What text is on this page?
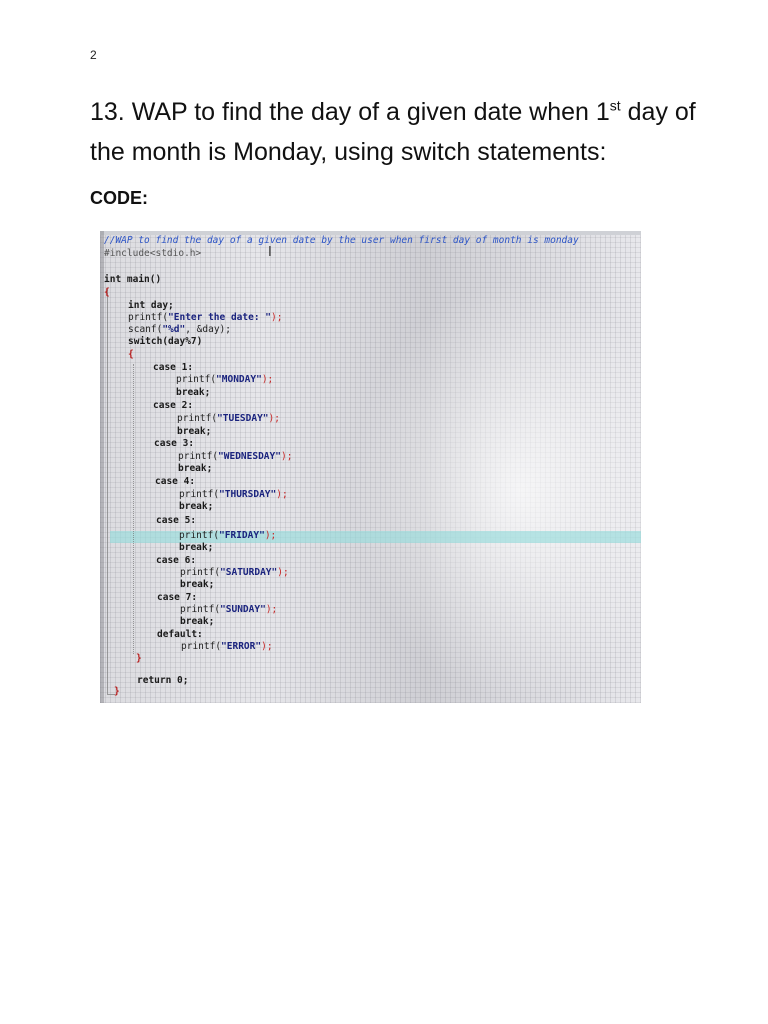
2
13. WAP to find the day of a given date when 1st day of the month is Monday, using switch statements:
CODE:
I
//WAP to find the day of a given date by the user when first day of month is monday
#include<stdio.h>
int main()
{
int day;
printf("Enter the date: ");
scanf("%d", &day);
switch(day%7)
{
case 1:
printf("MONDAY");
break;
case 2:
printf("TUESDAY");
break;
case 3:
printf("WEDNESDAY");
break;
case 4:
printf("THURSDAY");
break;
case 5:
printf("FRIDAY");
break;
case 6:
printf("SATURDAY");
break;
case 7:
printf("SUNDAY");
break;
default:
printf("ERROR");
}
return 0;
}
